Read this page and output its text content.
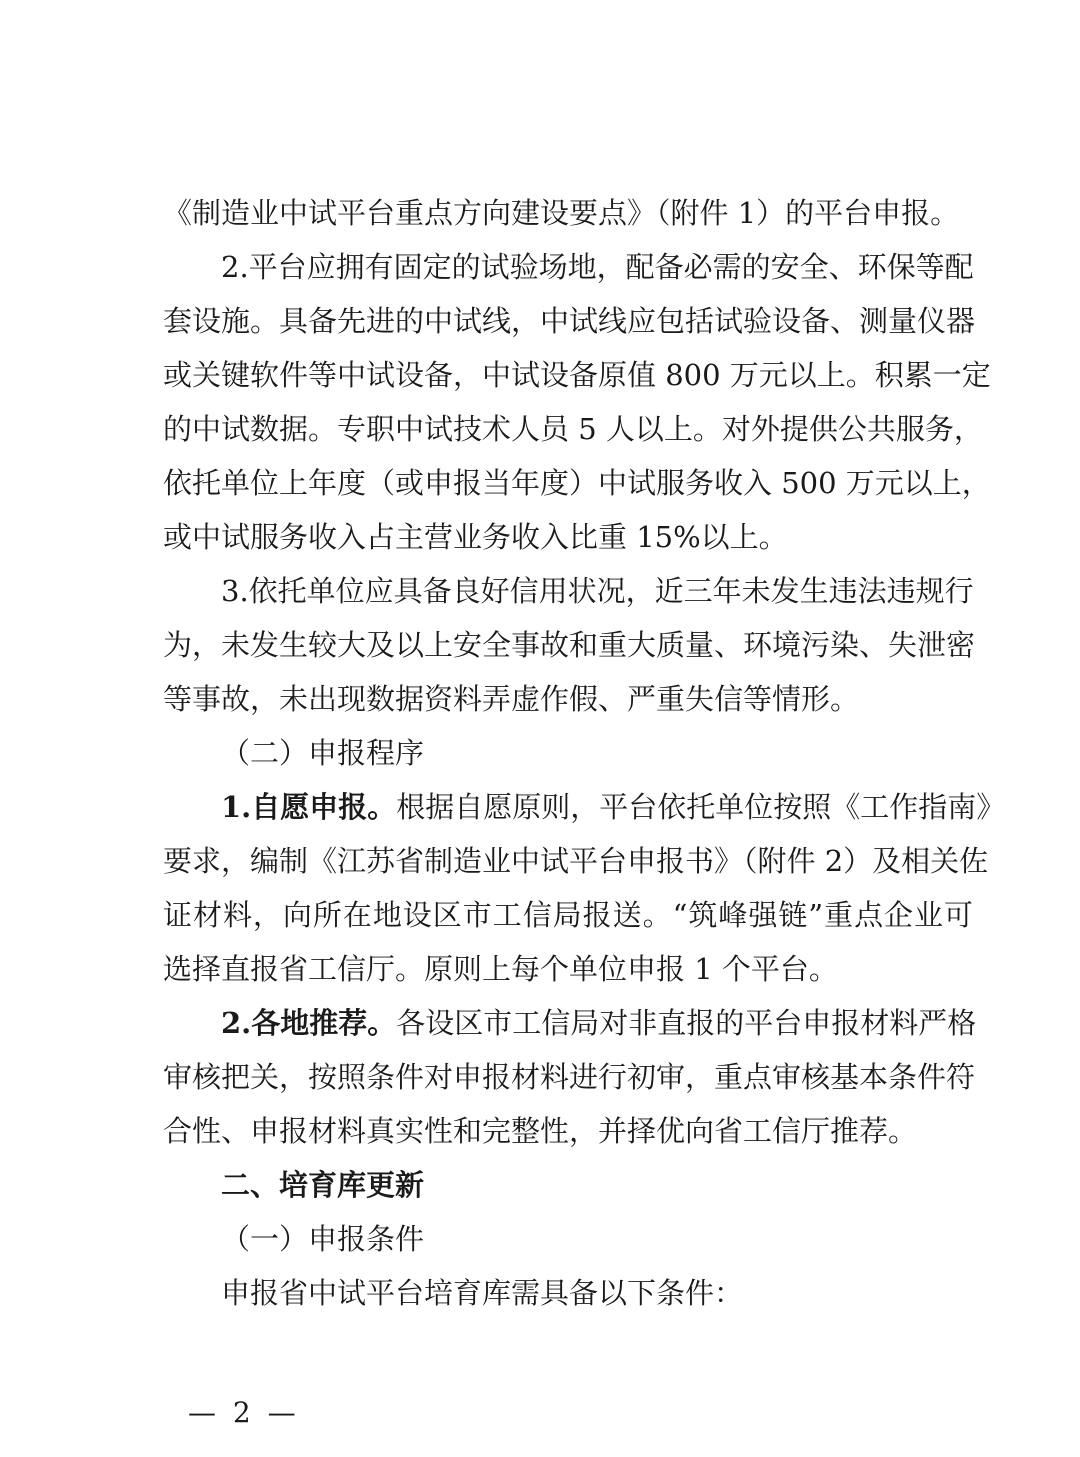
《制造业中试平台重点方向建设要点》（附件 1）的平台申报。
2.平台应拥有固定的试验场地，配备必需的安全、环保等配
套设施。具备先进的中试线，中试线应包括试验设备、测量仪器
或关键软件等中试设备，中试设备原值 800 万元以上。积累一定
的中试数据。专职中试技术人员 5 人以上。对外提供公共服务，
依托单位上年度（或申报当年度）中试服务收入 500 万元以上，
或中试服务收入占主营业务收入比重 15%以上。
3.依托单位应具备良好信用状况，近三年未发生违法违规行
为，未发生较大及以上安全事故和重大质量、环境污染、失泄密
等事故，未出现数据资料弄虚作假、严重失信等情形。
（二）申报程序
1.自愿申报。根据自愿原则，平台依托单位按照《工作指南》
要求，编制《江苏省制造业中试平台申报书》（附件 2）及相关佐
证材料，向所在地设区市工信局报送。“筑峰强链”重点企业可
选择直报省工信厅。原则上每个单位申报 1 个平台。
2.各地推荐。各设区市工信局对非直报的平台申报材料严格
审核把关，按照条件对申报材料进行初审，重点审核基本条件符
合性、申报材料真实性和完整性，并择优向省工信厅推荐。
二、培育库更新
（一）申报条件
申报省中试平台培育库需具备以下条件：
— 2 —
